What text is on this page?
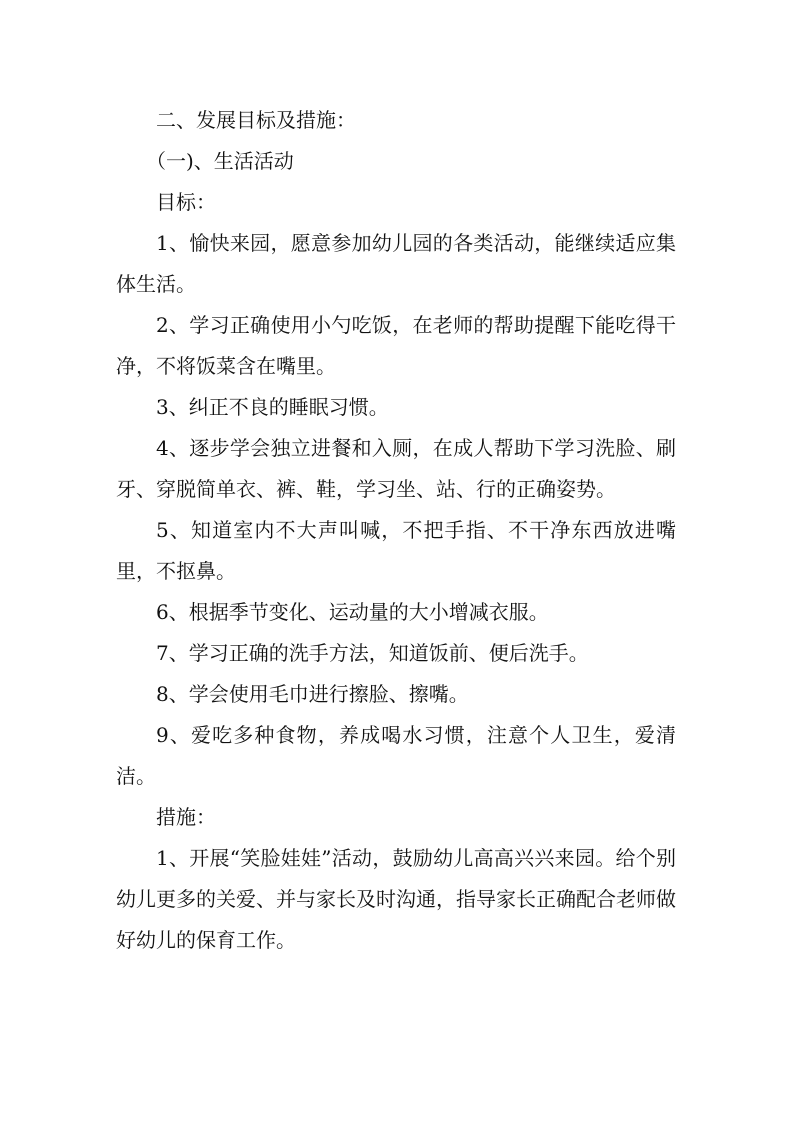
二、发展目标及措施：

（一)、生活活动

目标：

1、愉快来园，愿意参加幼儿园的各类活动，能继续适应集体生活。

2、学习正确使用小勺吃饭，在老师的帮助提醒下能吃得干净，不将饭菜含在嘴里。

3、纠正不良的睡眠习惯。

4、逐步学会独立进餐和入厕，在成人帮助下学习洗脸、刷牙、穿脱简单衣、裤、鞋，学习坐、站、行的正确姿势。

5、知道室内不大声叫喊，不把手指、不干净东西放进嘴里，不抠鼻。

6、根据季节变化、运动量的大小增减衣服。

7、学习正确的洗手方法，知道饭前、便后洗手。

8、学会使用毛巾进行擦脸、擦嘴。

9、爱吃多种食物，养成喝水习惯，注意个人卫生，爱清洁。

措施：

1、开展“笑脸娃娃”活动，鼓励幼儿高高兴兴来园。给个别幼儿更多的关爱、并与家长及时沟通，指导家长正确配合老师做好幼儿的保育工作。
